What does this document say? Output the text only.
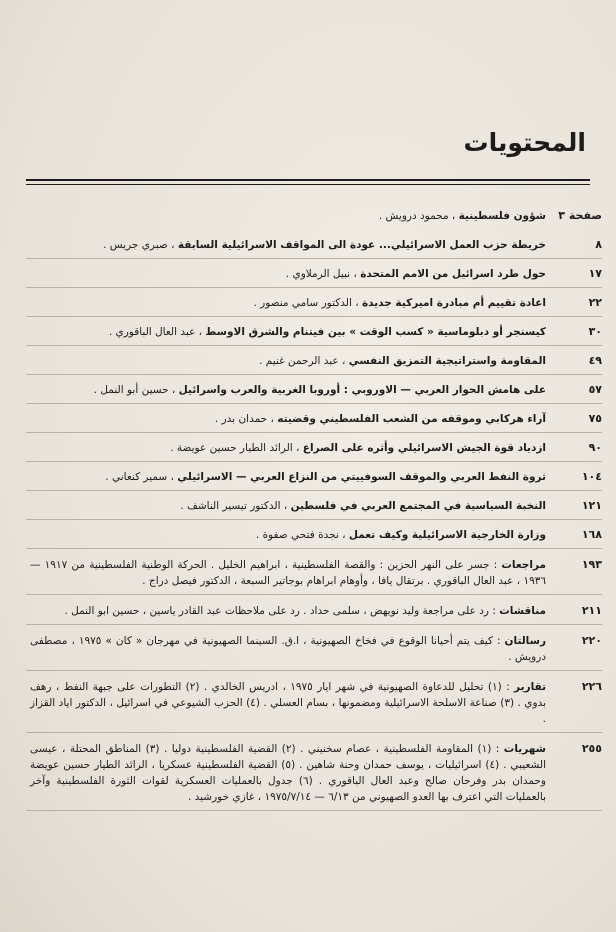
المحتويات
صفحة ٣
شؤون فلسطينية ، محمود درويش .
٨
خريطة حزب العمل الاسرائيلي... عودة الى المواقف الاسرائيلية السابقة ، صبري جريس .
١٧
حول طرد اسرائيل من الامم المتحدة ، نبيل الرملاوي .
٢٢
اعادة تقييم أم مبادرة اميركية جديدة ، الدكتور سامي منصور .
٣٠
كيسنجر أو دبلوماسية « كسب الوقت » بين فيتنام والشرق الاوسط ، عبد العال الباقوري .
٤٩
المقاومة واستراتيجية التمزيق النفسي ، عبد الرحمن غنيم .
٥٧
على هامش الحوار العربي — الاوروبي : أوروبا الغربية والعرب واسرائيل ، حسين أبو النمل .
٧٥
آراء هركابي وموقفه من الشعب الفلسطيني وقضيته ، حمدان بدر .
٩٠
ازدياد قوة الجيش الاسرائيلي وأثره على الصراع ، الرائد الطيار حسين عويضة .
١٠٤
ثروة النفط العربي والموقف السوفييتي من النزاع العربي — الاسرائيلي ، سمير كنعاني .
١٢١
النخبة السياسية في المجتمع العربي في فلسطين ، الدكتور تيسير الناشف .
١٦٨
وزارة الخارجية الاسرائيلية وكيف تعمل ، نجدة فتحي صفوة .
١٩٣
مراجعات : جسر على النهر الحزين : والقصة الفلسطينية ، ابراهيم الخليل . الحركة الوطنية الفلسطينية من ١٩١٧ — ١٩٣٦ ، عبد العال الباقوري . برتقال يافا ، وأوهام ابراهام بوجاتير السبعة ، الدكتور فيصل دراج .
٢١١
مناقشات : رد على مراجعة وليد نويهض ، سلمى حداد . رد على ملاحظات عبد القادر ياسين ، حسين ابو النمل .
٢٢٠
رسالتان : كيف يتم أحيانا الوقوع في فخاخ الصهيونية ، ا.ق. السينما الصهيونية في مهرجان « كان » ١٩٧٥ ، مصطفى درويش .
٢٢٦
تقارير : (١) تحليل للدعاوة الصهيونية في شهر ايار ١٩٧٥ ، ادريس الخالدي . (٢) التطورات على جبهة النفط ، رهف بدوي . (٣) صناعة الاسلحة الاسرائيلية ومضمونها ، بسام العسلي . (٤) الحزب الشيوعي في اسرائيل ، الدكتور اياد القزاز .
٢٥٥
شهريات : (١) المقاومة الفلسطينية ، عصام سخنيني . (٢) القضية الفلسطينية دوليا . (٣) المناطق المحتلة ، عيسى الشعيبي . (٤) اسرائيليات ، يوسف حمدان وحنة شاهين . (٥) القضية الفلسطينية عسكريا ، الرائد الطيار حسين عويضة وحمدان بدر وفرحان صالح وعبد العال الباقوري . (٦) جدول بالعمليات العسكرية لقوات الثورة الفلسطينية وآخر بالعمليات التي اعترف بها العدو الصهيوني من ٦/١٣ — ١٩٧٥/٧/١٤ ، غازي خورشيد .
